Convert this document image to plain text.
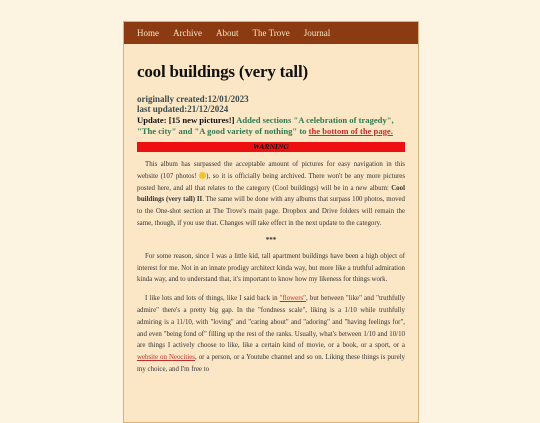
Home Archive About The Trove Journal
cool buildings (very tall)
originally created:12/01/2023
last updated:21/12/2024
Update: [15 new pictures!] Added sections "A celebration of tragedy", "The city" and "A good variety of nothing" to the bottom of the page.
WARNING

This album has surpassed the acceptable amount of pictures for easy navigation in this website (107 photos! ), so it is officially being archived. There won't be any more pictures posted here, and all that relates to the category (Cool buildings) will be in a new album: Cool buildings (very tall) II. The same will be done with any albums that surpass 100 photos, moved to the One-shot section at The Trove's main page. Dropbox and Drive folders will remain the same, though, if you use that. Changes will take effect in the next update to the category.

***

For some reason, since I was a little kid, tall apartment buildings have been a high object of interest for me. Not in an innate prodigy architect kinda way, but more like a truthful admiration kinda way, and to understand that, it's important to know how my likeness for things work.

I like lots and lots of things, like I said back in "flowers", but between "like" and "truthfully admire" there's a pretty big gap. In the "fondness scale", liking is a 1/10 while truthfully admiring is a 11/10, with "loving" and "caring about" and "adoring" and "having feelings for", and even "being fond of" filling up the rest of the ranks. Usually, what's between 1/10 and 10/10 are things I actively choose to like, like a certain kind of movie, or a book, or a sport, or a website on Neocities, or a person, or a Youtube channel and so on. Liking these things is purely my choice, and I'm free to
